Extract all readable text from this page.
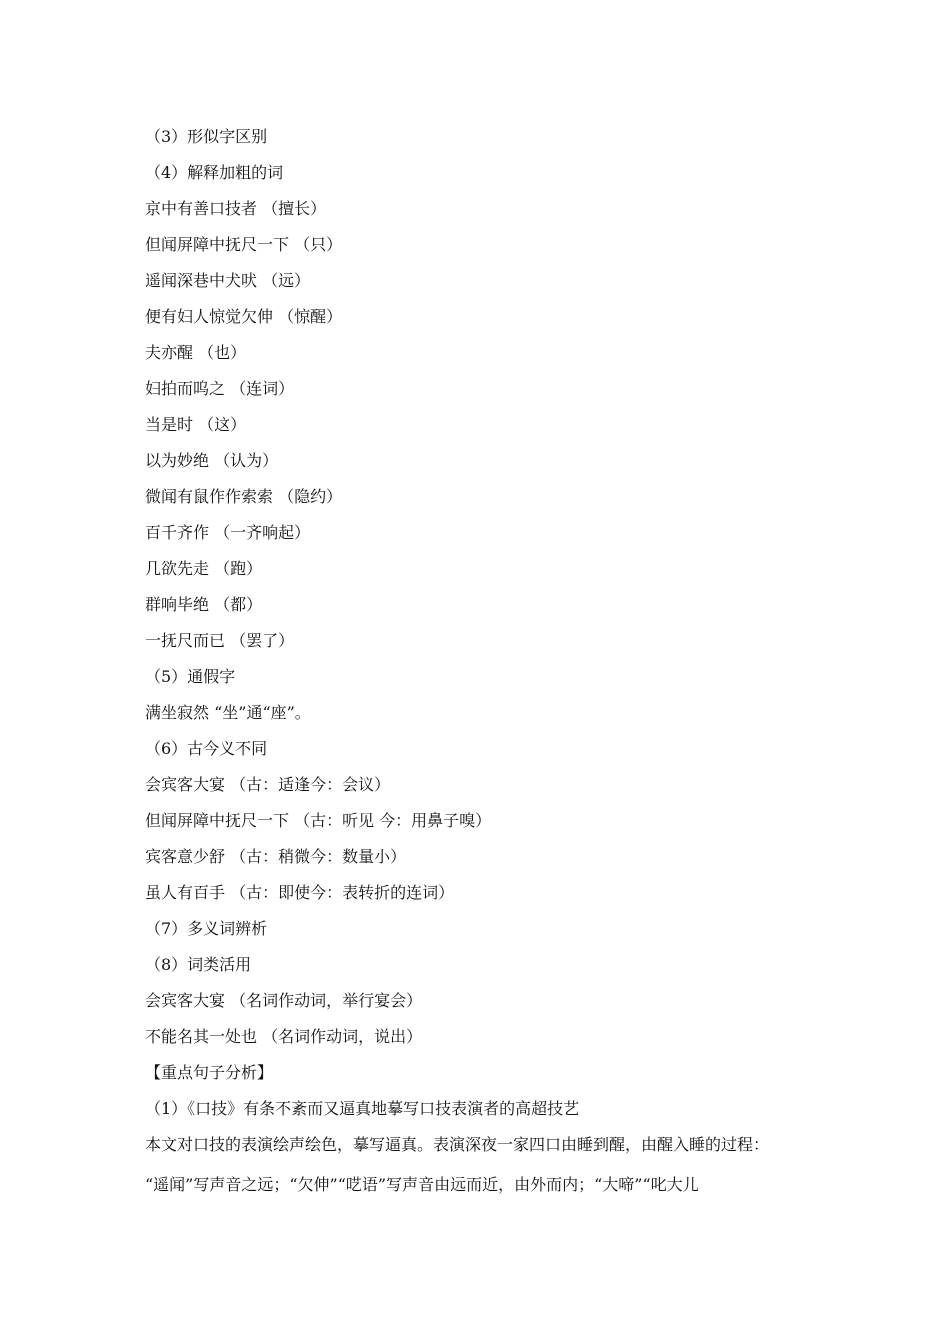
（3）形似字区别
（4）解释加粗的词
京中有善口技者 （擅长）
但闻屏障中抚尺一下 （只）
遥闻深巷中犬吠 （远）
便有妇人惊觉欠伸 （惊醒）
夫亦醒 （也）
妇拍而呜之 （连词）
当是时 （这）
以为妙绝 （认为）
微闻有鼠作作索索 （隐约）
百千齐作 （一齐响起）
几欲先走 （跑）
群响毕绝 （都）
一抚尺而已 （罢了）
（5）通假字
满坐寂然 “坐”通“座”。
（6）古今义不同
会宾客大宴 （古：适逢今：会议）
但闻屏障中抚尺一下 （古：听见 今：用鼻子嗅）
宾客意少舒 （古：稍微今：数量小）
虽人有百手 （古：即使今：表转折的连词）
（7）多义词辨析
（8）词类活用
会宾客大宴 （名词作动词，举行宴会）
不能名其一处也 （名词作动词，说出）
【重点句子分析】
（1）《口技》有条不紊而又逼真地摹写口技表演者的高超技艺
本文对口技的表演绘声绘色，摹写逼真。表演深夜一家四口由睡到醒，由醒入睡的过程：
“遥闻”写声音之远；“欠伸”“呓语”写声音由远而近，由外而内；“大啼”“叱大儿
